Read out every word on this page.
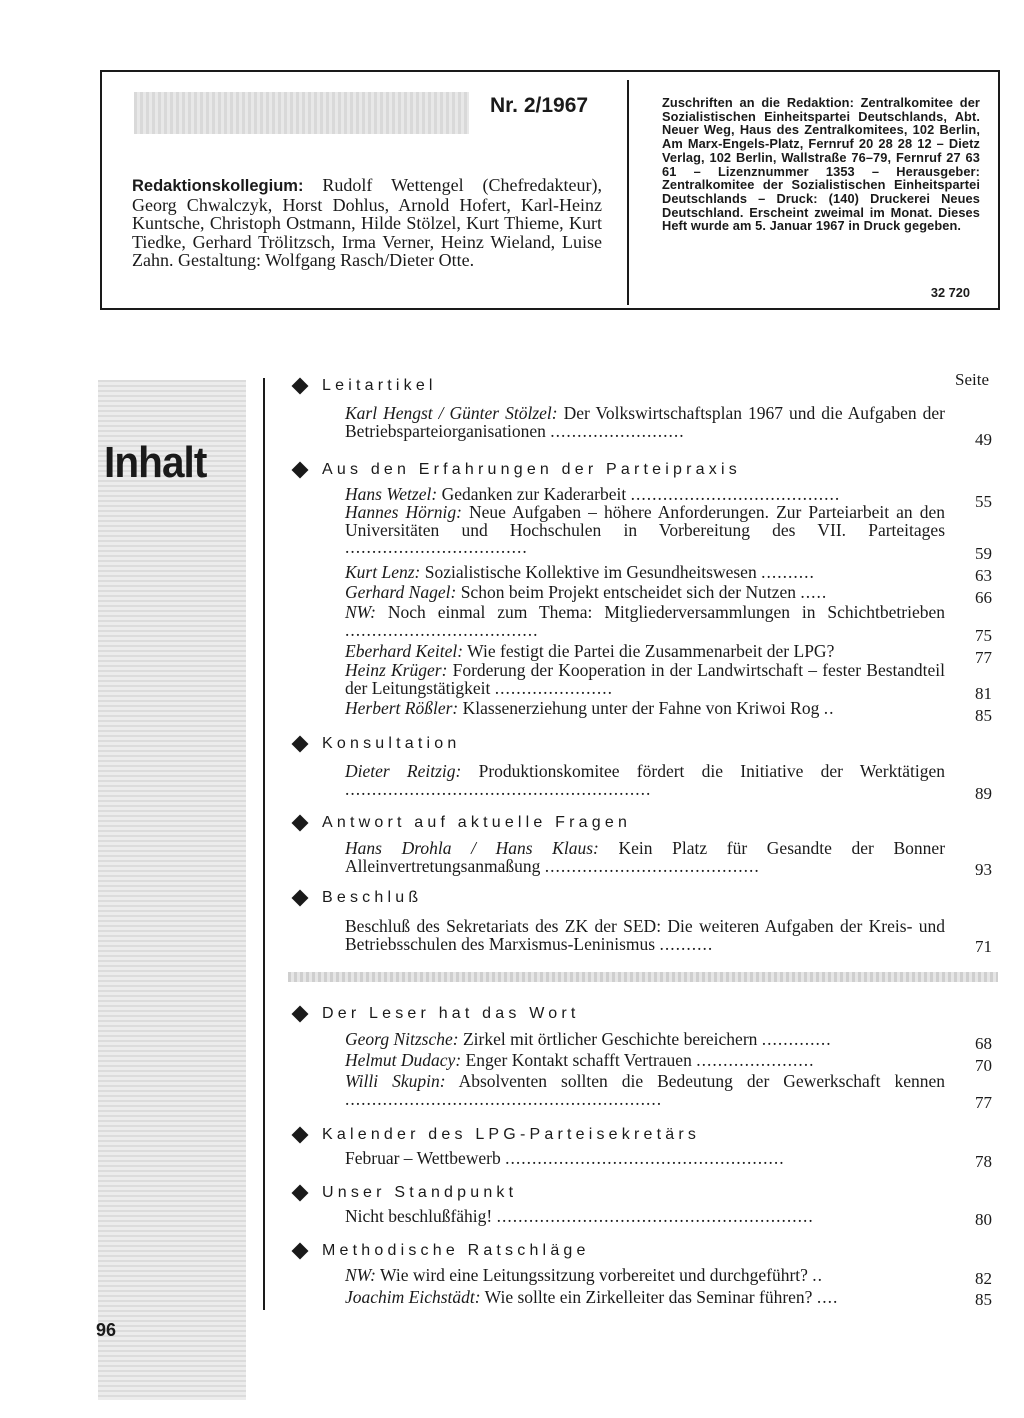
Nr. 2/1967

Redaktionskollegium: Rudolf Wettengel (Chefredakteur), Georg Chwalczyk, Horst Dohlus, Arnold Hofert, Karl-Heinz Kuntsche, Christoph Ostmann, Hilde Stölzel, Kurt Thieme, Kurt Tiedke, Gerhard Trölitzsch, Irma Verner, Heinz Wieland, Luise Zahn. Gestaltung: Wolfgang Rasch/Dieter Otte.

Zuschriften an die Redaktion: Zentralkomitee der Sozialistischen Einheitspartei Deutschlands, Abt. Neuer Weg, Haus des Zentralkomitees, 102 Berlin, Am Marx-Engels-Platz, Fernruf 20 28 28 12 – Dietz Verlag, 102 Berlin, Wallstraße 76–79, Fernruf 27 63 61 – Lizenznummer 1353 – Herausgeber: Zentralkomitee der Sozialistischen Einheitspartei Deutschlands – Druck: (140) Druckerei Neues Deutschland. Erscheint zweimal im Monat. Dieses Heft wurde am 5. Januar 1967 in Druck gegeben.

32 720
Inhalt

Seite

Leitartikel

Karl Hengst / Günter Stölzel: Der Volkswirtschaftsplan 1967 und die Aufgaben der Betriebsparteiorganisationen .........................	49

Aus den Erfahrungen der Parteipraxis

Hans Wetzel: Gedanken zur Kaderarbeit .......................................	55

Hannes Hörnig: Neue Aufgaben – höhere Anforderungen. Zur Parteiarbeit an den Universitäten und Hochschulen in Vorbereitung des VII. Parteitages ..................................	59

Kurt Lenz: Sozialistische Kollektive im Gesundheitswesen ..........	63

Gerhard Nagel: Schon beim Projekt entscheidet sich der Nutzen .....	66

NW: Noch einmal zum Thema: Mitgliederversammlungen in Schichtbetrieben ....................................	75

Eberhard Keitel: Wie festigt die Partei die Zusammenarbeit der LPG?	77

Heinz Krüger: Forderung der Kooperation in der Landwirtschaft – fester Bestandteil der Leitungstätigkeit ......................	81

Herbert Rößler: Klassenerziehung unter der Fahne von Kriwoi Rog ..	85

Konsultation

Dieter Reitzig: Produktionskomitee fördert die Initiative der Werktätigen .........................................................	89

Antwort auf aktuelle Fragen

Hans Drohla / Hans Klaus: Kein Platz für Gesandte der Bonner Alleinvertretungsanmaßung ........................................	93

Beschluß

Beschluß des Sekretariats des ZK der SED: Die weiteren Aufgaben der Kreis- und Betriebsschulen des Marxismus-Leninismus ..........	71

Der Leser hat das Wort

Georg Nitzsche: Zirkel mit örtlicher Geschichte bereichern .............	68

Helmut Dudacy: Enger Kontakt schafft Vertrauen ......................	70

Willi Skupin: Absolventen sollten die Bedeutung der Gewerkschaft kennen ...........................................................	77

Kalender des LPG-Parteisekretärs

Februar – Wettbewerb ....................................................	78

Unser Standpunkt

Nicht beschlußfähig! ...........................................................	80

Methodische Ratschläge

NW: Wie wird eine Leitungssitzung vorbereitet und durchgeführt? ..	82

Joachim Eichstädt: Wie sollte ein Zirkelleiter das Seminar führen? ....	85

96
